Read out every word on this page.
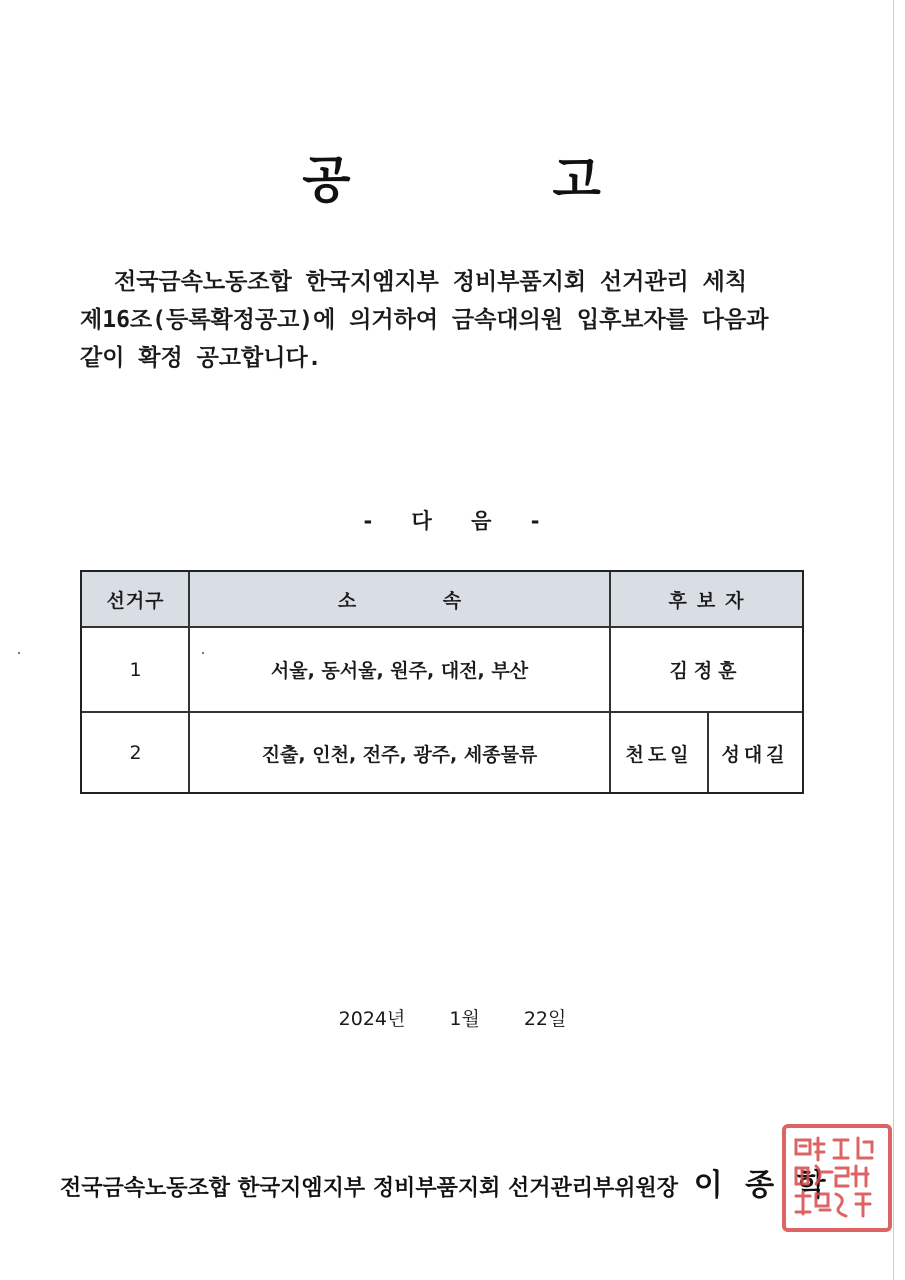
공	고
전국금속노동조합 한국지엠지부 정비부품지회 선거관리 세칙
제16조(등록확정공고)에 의거하여 금속대의원 입후보자를 다음과
같이 확정 공고합니다.
- 다 음 -
선거구	소 속	후보자
1	서울, 동서울, 원주, 대전, 부산	김정훈
2	진출, 인천, 전주, 광주, 세종물류	천도일	성대길
2024년 1월 22일
전국금속노동조합 한국지엠지부 정비부품지회 선거관리부위원장 이 종 학
